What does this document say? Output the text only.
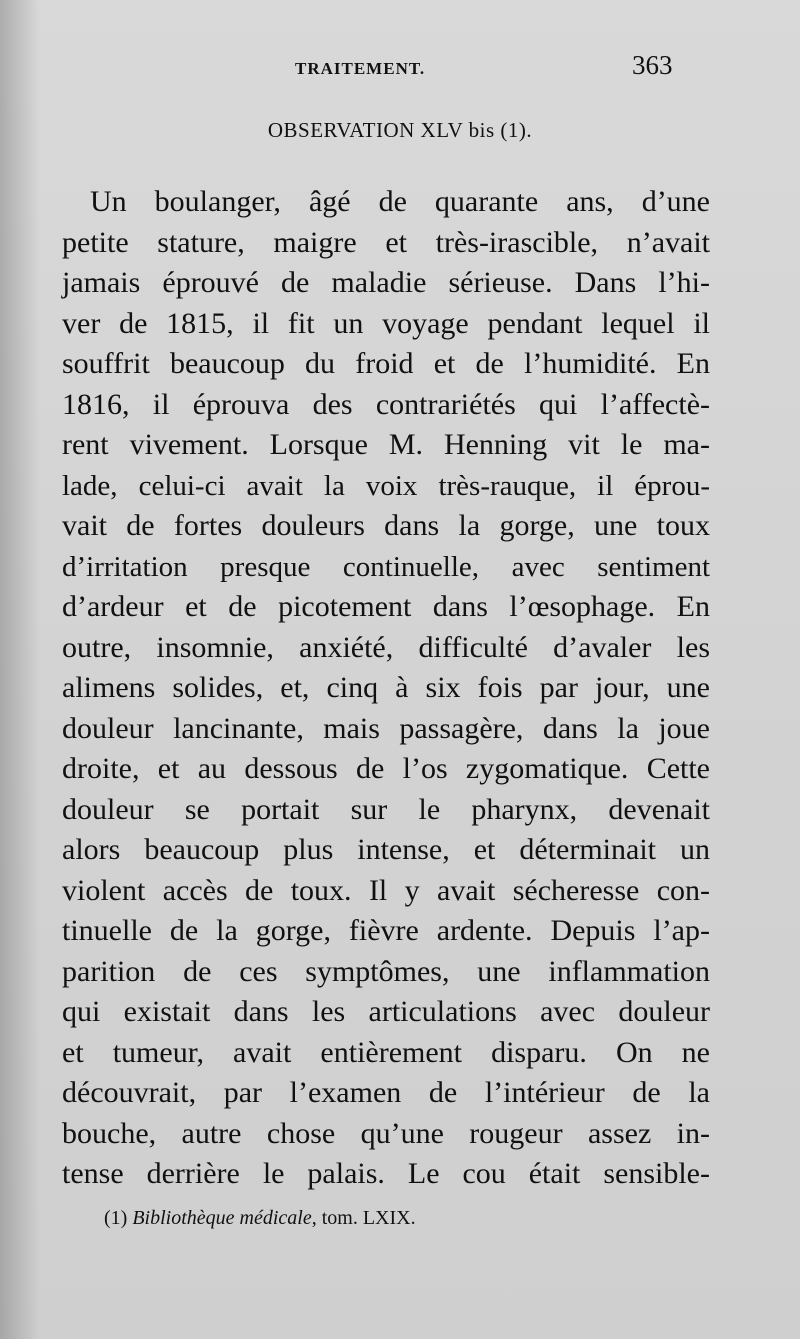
TRAITEMENT.	363
OBSERVATION XLV bis (1).
Un boulanger, âgé de quarante ans, d’une
petite stature, maigre et très-irascible, n’avait
jamais éprouvé de maladie sérieuse. Dans l’hi-
ver de 1815, il fit un voyage pendant lequel il
souffrit beaucoup du froid et de l’humidité. En
1816, il éprouva des contrariétés qui l’affectè-
rent vivement. Lorsque M. Henning vit le ma-
lade, celui-ci avait la voix très-rauque, il éprou-
vait de fortes douleurs dans la gorge, une toux
d’irritation presque continuelle, avec sentiment
d’ardeur et de picotement dans l’œsophage. En
outre, insomnie, anxiété, difficulté d’avaler les
alimens solides, et, cinq à six fois par jour, une
douleur lancinante, mais passagère, dans la joue
droite, et au dessous de l’os zygomatique. Cette
douleur se portait sur le pharynx, devenait
alors beaucoup plus intense, et déterminait un
violent accès de toux. Il y avait sécheresse con-
tinuelle de la gorge, fièvre ardente. Depuis l’ap-
parition de ces symptômes, une inflammation
qui existait dans les articulations avec douleur
et tumeur, avait entièrement disparu. On ne
découvrait, par l’examen de l’intérieur de la
bouche, autre chose qu’une rougeur assez in-
tense derrière le palais. Le cou était sensible-
(1) Bibliothèque médicale, tom. LXIX.
